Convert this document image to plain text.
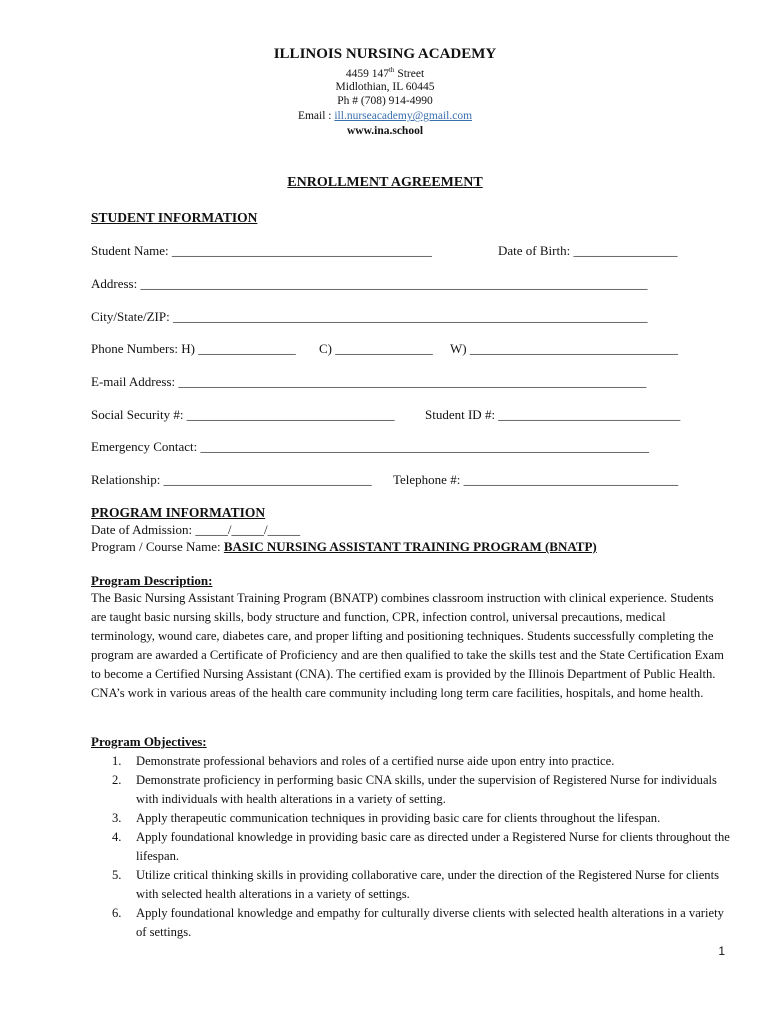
ILLINOIS NURSING ACADEMY
4459 147th Street
Midlothian, IL 60445
Ph # (708) 914-4990
Email : ill.nurseacademy@gmail.com
www.ina.school
ENROLLMENT AGREEMENT
STUDENT INFORMATION
Student Name: ________________________________________	Date of Birth: ________________
Address: ______________________________________________________________________________
City/State/ZIP: _________________________________________________________________________
Phone Numbers: H) _______________ C) _______________ W) ________________________________
E-mail Address: ________________________________________________________________________
Social Security #: ________________________________ Student ID #: ____________________________
Emergency Contact: _____________________________________________________________________
Relationship: ________________________________ Telephone #: _________________________________
PROGRAM INFORMATION
Date of Admission: _____/_____/_____
Program / Course Name: BASIC NURSING ASSISTANT TRAINING PROGRAM (BNATP)
Program Description:
The Basic Nursing Assistant Training Program (BNATP) combines classroom instruction with clinical experience. Students are taught basic nursing skills, body structure and function, CPR, infection control, universal precautions, medical terminology, wound care, diabetes care, and proper lifting and positioning techniques. Students successfully completing the program are awarded a Certificate of Proficiency and are then qualified to take the skills test and the State Certification Exam to become a Certified Nursing Assistant (CNA). The certified exam is provided by the Illinois Department of Public Health. CNA’s work in various areas of the health care community including long term care facilities, hospitals, and home health.
Program Objectives:
1. Demonstrate professional behaviors and roles of a certified nurse aide upon entry into practice.
2. Demonstrate proficiency in performing basic CNA skills, under the supervision of Registered Nurse for individuals with individuals with health alterations in a variety of setting.
3. Apply therapeutic communication techniques in providing basic care for clients throughout the lifespan.
4. Apply foundational knowledge in providing basic care as directed under a Registered Nurse for clients throughout the lifespan.
5. Utilize critical thinking skills in providing collaborative care, under the direction of the Registered Nurse for clients with selected health alterations in a variety of settings.
6. Apply foundational knowledge and empathy for culturally diverse clients with selected health alterations in a variety of settings.
1
